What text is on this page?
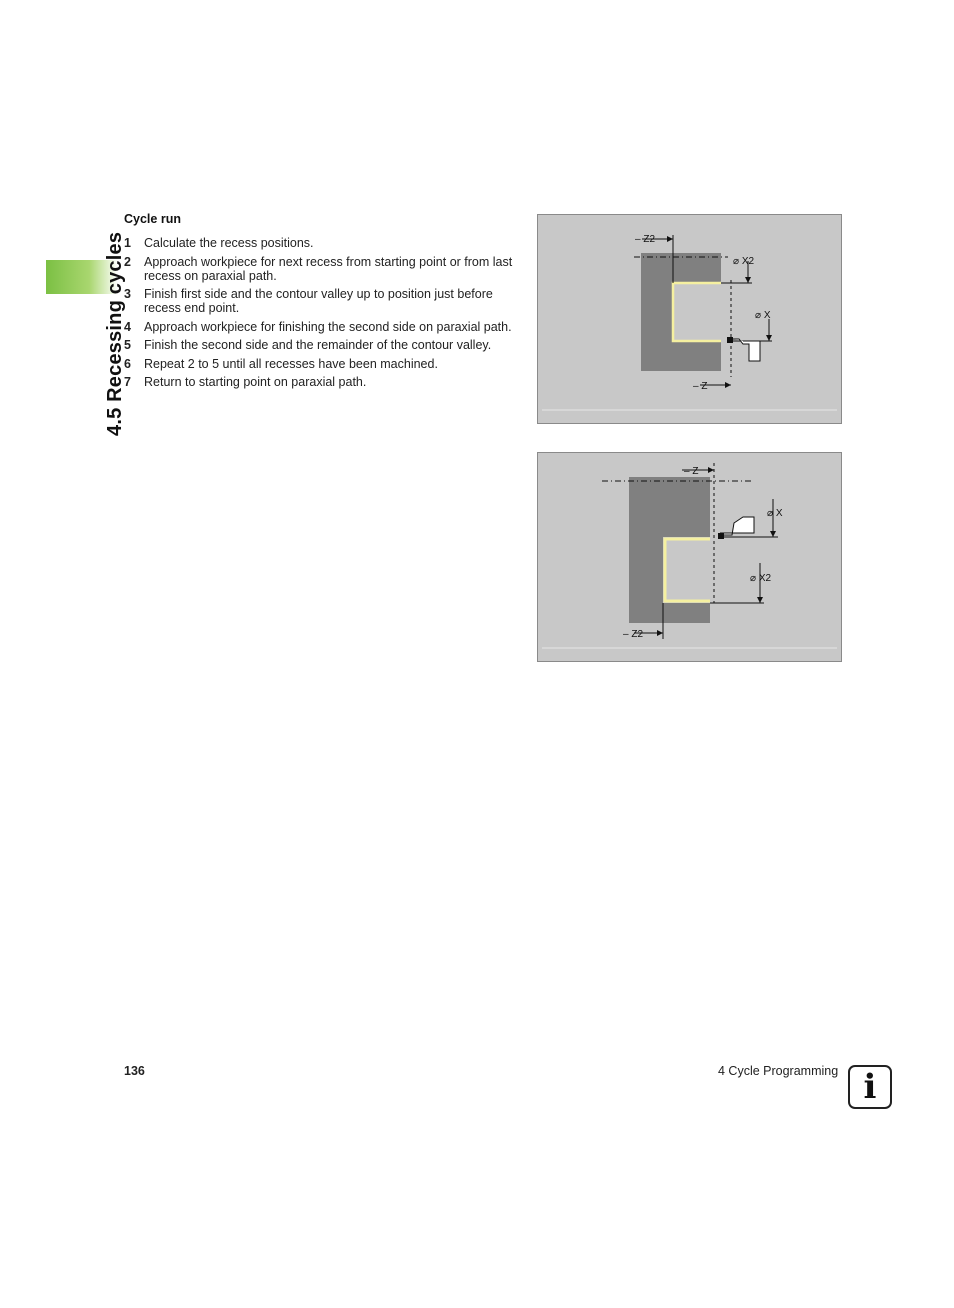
4.5 Recessing cycles
Cycle run
1	Calculate the recess positions.
2	Approach workpiece for next recess from starting point or from last recess on paraxial path.
3	Finish first side and the contour valley up to position just before recess end point.
4	Approach workpiece for finishing the second side on paraxial path.
5	Finish the second side and the remainder of the contour valley.
6	Repeat 2 to 5 until all recesses have been machined.
7	Return to starting point on paraxial path.
– Z2
⌀ X2
⌀ X
– Z
– Z
⌀ X
⌀ X2
– Z2
136	4 Cycle Programming i
